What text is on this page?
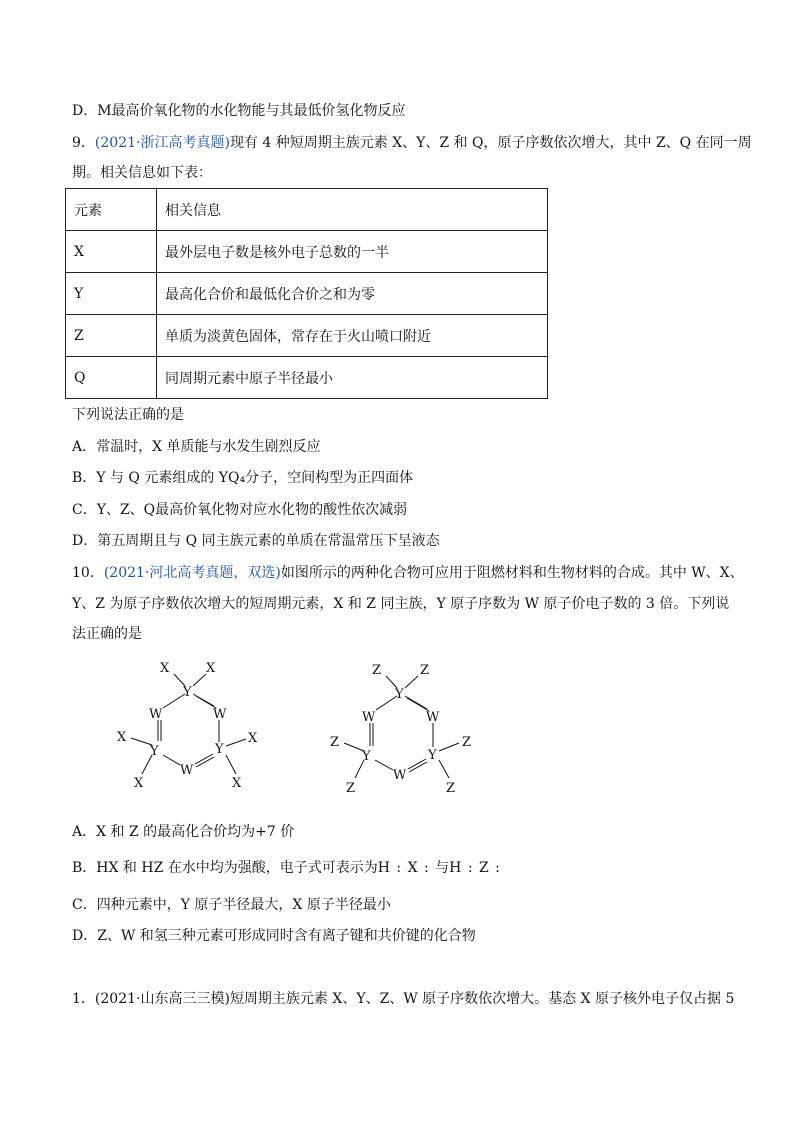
D．M最高价氧化物的水化物能与其最低价氢化物反应
9．(2021·浙江高考真题)现有 4 种短周期主族元素 X、Y、Z 和 Q，原子序数依次增大，其中 Z、Q 在同一周
期。相关信息如下表：
元素	相关信息
X	最外层电子数是核外电子总数的一半
Y	最高化合价和最低化合价之和为零
Z	单质为淡黄色固体，常存在于火山喷口附近
Q	同周期元素中原子半径最小
下列说法正确的是
A．常温时，X 单质能与水发生剧烈反应
B．Y 与 Q 元素组成的 YQ₄分子，空间构型为正四面体
C．Y、Z、Q最高价氧化物对应水化物的酸性依次减弱
D．第五周期且与 Q 同主族元素的单质在常温常压下呈液态
10．(2021·河北高考真题，双选)如图所示的两种化合物可应用于阻燃材料和生物材料的合成。其中 W、X、
Y、Z 为原子序数依次增大的短周期元素，X 和 Z 同主族，Y 原子序数为 W 原子价电子数的 3 倍。下列说
法正确的是
X	X
Y
W	W
X
Y	Y
X
W
X	X
Z	Z
Y
W	W
Z
Y	Y
Z
W
Z	Z
A．X 和 Z 的最高化合价均为+7 价
B．HX 和 HZ 在水中均为强酸，电子式可表示为H : X : 与H : Z :
C．四种元素中，Y 原子半径最大，X 原子半径最小
D．Z、W 和氢三种元素可形成同时含有离子键和共价键的化合物
1．(2021·山东高三三模)短周期主族元素 X、Y、Z、W 原子序数依次增大。基态 X 原子核外电子仅占据 5
